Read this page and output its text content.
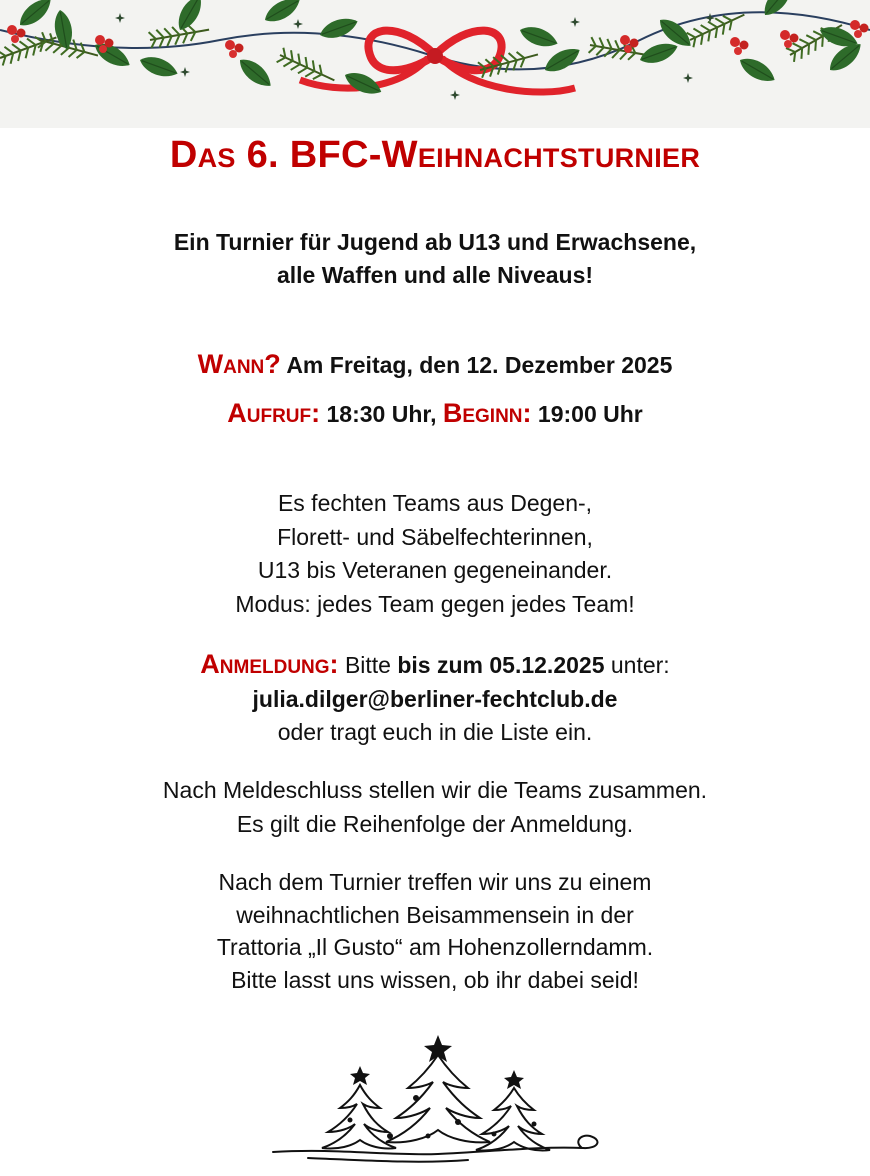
Das 6. BFC-Weihnachtsturnier
Ein Turnier für Jugend ab U13 und Erwachsene,
alle Waffen und alle Niveaus!
Wann? Am Freitag, den 12. Dezember 2025
Aufruf: 18:30 Uhr, Beginn: 19:00 Uhr
Es fechten Teams aus Degen-,
Florett- und Säbelfechterinnen,
U13 bis Veteranen gegeneinander.
Modus: jedes Team gegen jedes Team!
Anmeldung: Bitte bis zum 05.12.2025 unter:
julia.dilger@berliner-fechtclub.de
oder tragt euch in die Liste ein.
Nach Meldeschluss stellen wir die Teams zusammen.
Es gilt die Reihenfolge der Anmeldung.
Nach dem Turnier treffen wir uns zu einem
weihnachtlichen Beisammensein in der
Trattoria „Il Gusto“ am Hohenzollerndamm.
Bitte lasst uns wissen, ob ihr dabei seid!
